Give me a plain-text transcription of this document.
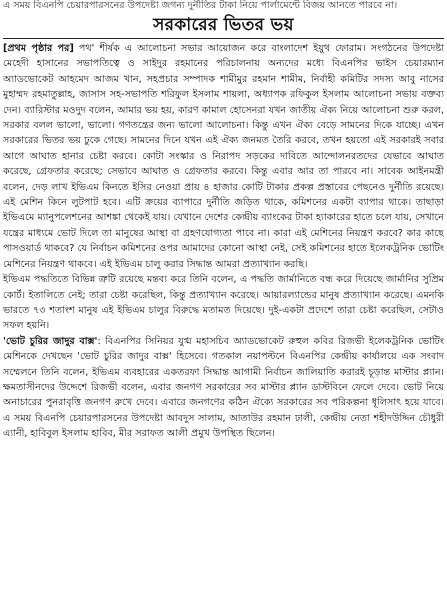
এ সময় বিএনপি চেয়ারপারসনের উপদেষ্টা জগন্য দুর্নীতির টাকা নিয়ে পার্লামেন্টে বিজয় আনতে পারবে না।
সরকারের ভিতর ভয়

[প্রথম পৃষ্ঠার পর] পথ' শীর্ষক এ আলোচনা সভার আয়োজন করে বাংলাদেশ ইয়ুথ ফোরাম। সংগঠনের উপদেষ্টা মেহেদী হাসানের সভাপতিত্বে ও সাইদুর রহমানের পরিচালনায় অন্যদের মধ্যে বিএনপির ভাইস চেয়ারম্যান অ্যাডভোকেট আহমেদ আজম খান, সহপ্রচার সম্পাদক শামীমুর রহমান শামীম, নির্বাহী কমিটির সদস্য আবু নাসের মুহাম্মদ রহমাতুল্লাহ, জাসাস সহ-সভাপতি শরিফুল ইসলাম শায়লা, অধ্যাপক রফিকুল ইসলাম আলোচনা সভায় বক্তব্য দেন। ব্যারিস্টার মওদুদ বলেন, আমার ভয় হয়, কারণ কামাল হোসেনরা যখন জাতীয় ঐক্য নিয়ে আলোচনা শুরু করল, সরকার বলল ভালো, ভালো। গণতন্ত্রের জন্য ভালো আলোচনা। কিন্তু এখন ঐক্য বেড়ে সামনের দিকে যাচ্ছে। এখন সরকারের ভিতর ভয় ঢুকে গেছে। সামনের দিনে যখন এই ঐক্য জনমত তৈরি করবে, তখন হয়তো এই সরকারই সবার আগে আঘাত হানার চেষ্টা করবে। কোটা সংস্কার ও নিরাপদ সড়কের দাবিতে আন্দোলনরতদের যেভাবে আঘাত করেছে, গ্রেফতার করেছে; সেভাবে আঘাত ও গ্রেফতার করবে। কিন্তু এবার আর তা পারবে না। সাবেক আইনমন্ত্রী বলেন, দেড় লাখ ইভিএম কিনতে ইসির নেওয়া প্রায় ৪ হাজার কোটি টাকার প্রকল্প প্রস্তাবের পেছনেও দুর্নীতি রয়েছে। এই মেশিন কিনে লুটপাট হবে। এটি ক্রয়ের ব্যাপারে দুর্নীতি জড়িত থাকে, কমিশনের একটা ব্যাপার থাকে। তাছাড়া ইভিএমে ম্যানুপলেশনের আশঙ্কা থেকেই যায়। যেখানে দেশের কেন্দ্রীয় ব্যাংকের টাকা হ্যাকারের হাতে চলে যায়, সেখানে যন্ত্রের মাধ্যমে ভোট দিলে তা মানুষের আস্থা বা গ্রহণযোগ্যতা পাবে না। কারা এই মেশিনের নিয়ন্ত্রণ করবে? কার কাছে পাসওয়ার্ড থাকবে? যে নির্বাচন কমিশনের ওপর আমাদের কোনো আস্থা নেই, সেই কমিশনের হাতে ইলেকট্রনিক ভোটিং মেশিনের নিয়ন্ত্রণ থাকবে। এই ইভিএম চালু করার সিদ্ধান্ত আমরা প্রত্যাখ্যান করছি।

ইভিএম পদ্ধতিতে বিভিন্ন ত্রুটি রয়েছে মন্তব্য করে তিনি বলেন, এ পদ্ধতি জার্মানিতে বন্ধ করে দিয়েছে জার্মানির সুপ্রিম কোর্ট। ইতালিতে নেই; তারা চেষ্টা করেছিল, কিন্তু প্রত্যাখ্যান করেছে। আয়ারল্যান্ডের মানুষ প্রত্যাখ্যান করেছে। এমনকি ভারতে ৭৩ শতাংশ মানুষ এই ইভিএম চালুর বিরুদ্ধে মতামত দিয়েছে। দুই-একটা প্রদেশে তারা চেষ্টা করেছিল, সেটাও সফল হয়নি।

'ভোট চুরির জাদুর বাক্স': বিএনপির সিনিয়র যুগ্ম মহাসচিব অ্যাডভোকেট রুহুল কবির রিজভী ইলেকট্রনিক ভোটিং মেশিনকে দেখছেন 'ভোট চুরির জাদুর বাক্স' হিসেবে। গতকাল নয়াপল্টনে বিএনপির কেন্দ্রীয় কার্যালয়ে এক সংবাদ সম্মেলনে তিনি বলেন, ইভিএম ব্যবহারের একতরফা সিদ্ধান্ত আগামী নির্বাচন জালিয়াতি করারই চূড়ান্ত মাস্টার প্ল্যান। ক্ষমতাসীনদের উদ্দেশে রিজভী বলেন, এবার জনগণ সরকারের সব মাস্টার প্ল্যান ডাস্টবিনে ফেলে দেবে। ভোট নিয়ে অনাচারের পুনরাবৃত্তি জনগণ রুখে দেবে। এবারে জনগণের কঠিন ঐক্যে সরকারের সব পরিকল্পনা ধূলিসাৎ হয়ে যাবে। এ সময় বিএনপি চেয়ারপারসনের উপদেষ্টা আবদুস সালাম, আতাউর রহমান ঢালী, কেন্দ্রীয় নেতা শহীদউদ্দিন চৌধুরী এ্যানী, হাবিবুল ইসলাম হাবিব, মীর সরাফত আলী প্রমুখ উপস্থিত ছিলেন।
